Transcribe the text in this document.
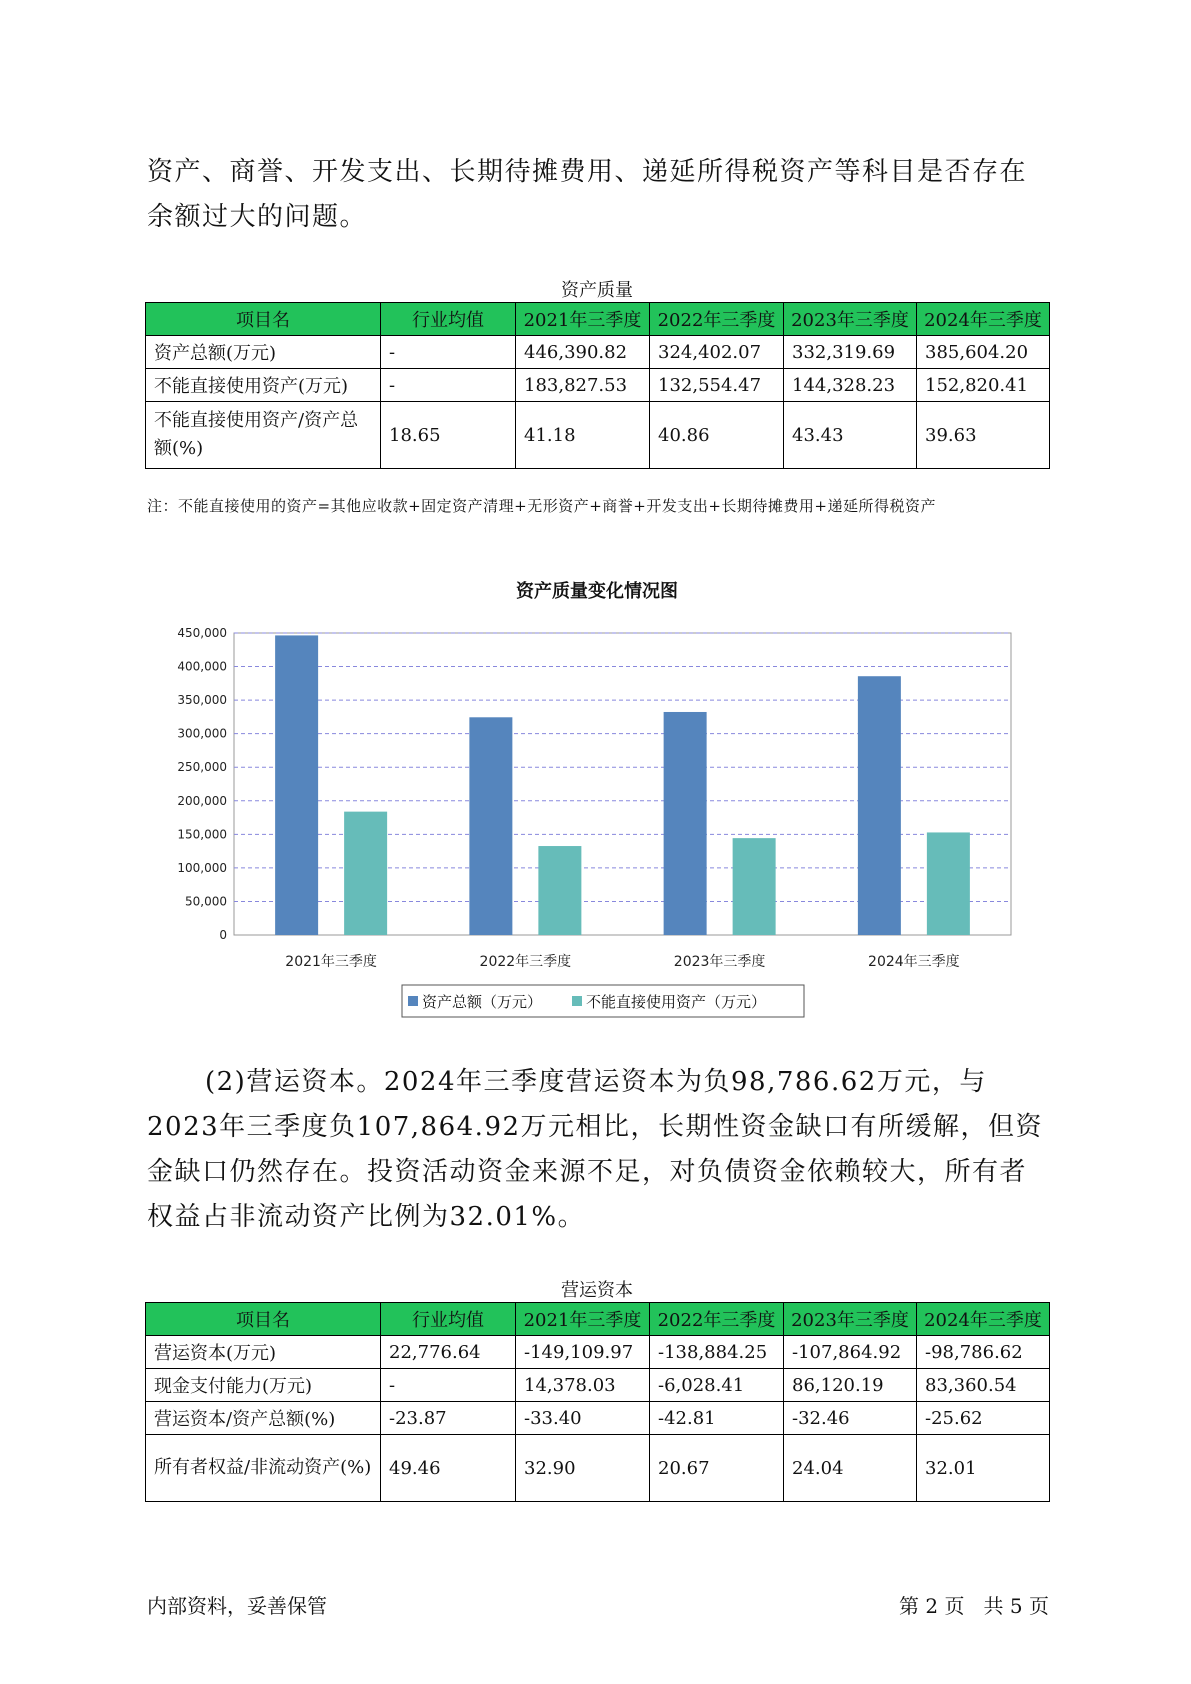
资产、商誉、开发支出、长期待摊费用、递延所得税资产等科目是否存在余额过大的问题。

资产质量
项目名	行业均值	2021年三季度	2022年三季度	2023年三季度	2024年三季度
资产总额(万元)	-	446,390.82	324,402.07	332,319.69	385,604.20
不能直接使用资产(万元)	-	183,827.53	132,554.47	144,328.23	152,820.41
不能直接使用资产/资产总额(%)	18.65	41.18	40.86	43.43	39.63
注：不能直接使用的资产=其他应收款+固定资产清理+无形资产+商誉+开发支出+长期待摊费用+递延所得税资产
资产质量变化情况图
0
50,000
100,000
150,000
200,000
250,000
300,000
350,000
400,000
450,000
2021年三季度	2022年三季度	2023年三季度	2024年三季度
资产总额（万元）	不能直接使用资产（万元）

(2)营运资本。2024年三季度营运资本为负98,786.62万元，与2023年三季度负107,864.92万元相比，长期性资金缺口有所缓解，但资金缺口仍然存在。投资活动资金来源不足，对负债资金依赖较大，所有者权益占非流动资产比例为32.01%。

营运资本
项目名	行业均值	2021年三季度	2022年三季度	2023年三季度	2024年三季度
营运资本(万元)	22,776.64	-149,109.97	-138,884.25	-107,864.92	-98,786.62
现金支付能力(万元)	-	14,378.03	-6,028.41	86,120.19	83,360.54
营运资本/资产总额(%)	-23.87	-33.40	-42.81	-32.46	-25.62
所有者权益/非流动资产(%)	49.46	32.90	20.67	24.04	32.01
内部资料，妥善保管	第 2 页   共 5 页
